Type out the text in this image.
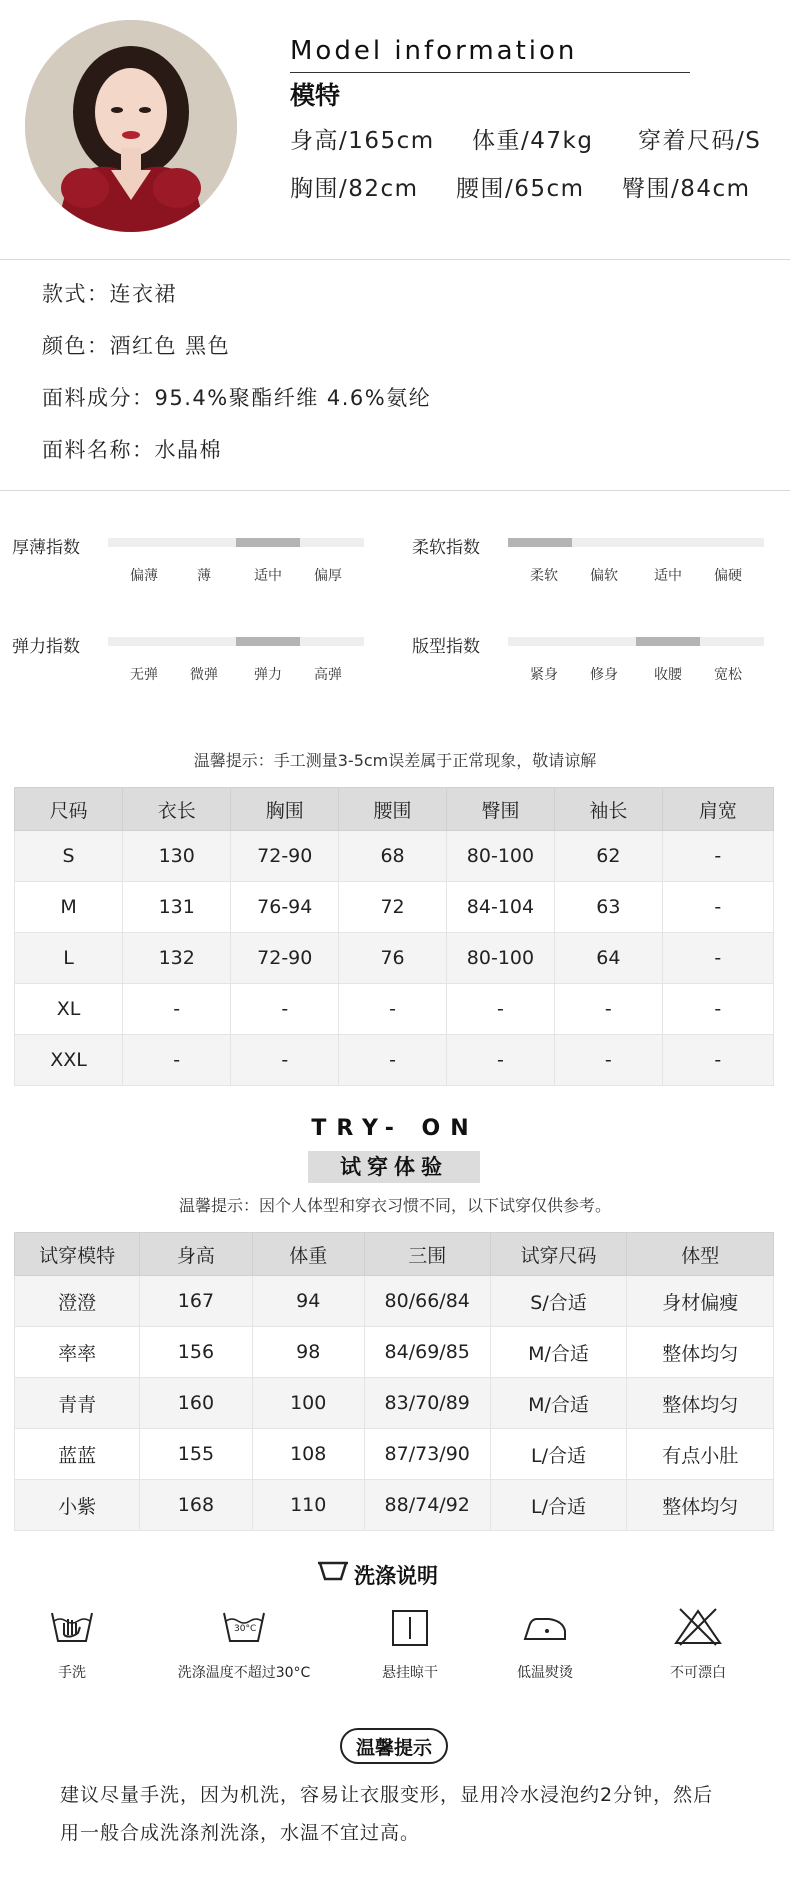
Model information
模特
身高/165cm 体重/47kg 穿着尺码/S
胸围/82cm 腰围/65cm 臀围/84cm
款式：连衣裙
颜色：酒红色 黑色
面料成分：95.4%聚酯纤维 4.6%氨纶
面料名称：水晶棉
厚薄指数
偏薄	薄	适中	偏厚
柔软指数
柔软	偏软	适中	偏硬
弹力指数
无弹	微弹	弹力	高弹
版型指数
紧身	修身	收腰	宽松
温馨提示：手工测量3-5cm误差属于正常现象，敬请谅解
尺码	衣长	胸围	腰围	臀围	袖长	肩宽
S	130	72-90	68	80-100	62	-
M	131	76-94	72	84-104	63	-
L	132	72-90	76	80-100	64	-
XL	-	-	-	-	-	-
XXL	-	-	-	-	-	-
TRY- ON
试穿体验
温馨提示：因个人体型和穿衣习惯不同，以下试穿仅供参考。
试穿模特	身高	体重	三围	试穿尺码	体型
澄澄	167	94	80/66/84	S/合适	身材偏瘦
率率	156	98	84/69/85	M/合适	整体均匀
青青	160	100	83/70/89	M/合适	整体均匀
蓝蓝	155	108	87/73/90	L/合适	有点小肚
小紫	168	110	88/74/92	L/合适	整体均匀
洗涤说明
30°C
手洗	洗涤温度不超过30°C	悬挂晾干	低温熨烫	不可漂白
温馨提示
建议尽量手洗，因为机洗，容易让衣服变形，显用冷水浸泡约2分钟，然后
用一般合成洗涤剂洗涤，水温不宜过高。
